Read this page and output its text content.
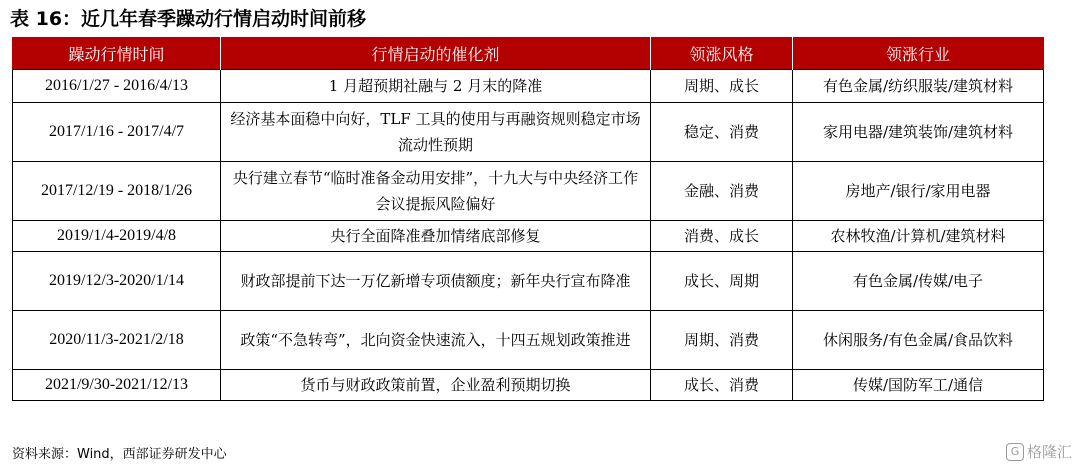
表 16：近几年春季躁动行情启动时间前移
躁动行情时间	行情启动的催化剂	领涨风格	领涨行业
2016/1/27 - 2016/4/13	1 月超预期社融与 2 月末的降准	周期、成长	有色金属/纺织服装/建筑材料
2017/1/16 - 2017/4/7	经济基本面稳中向好，TLF 工具的使用与再融资规则稳定市场流动性预期	稳定、消费	家用电器/建筑装饰/建筑材料
2017/12/19 - 2018/1/26	央行建立春节“临时准备金动用安排”，十九大与中央经济工作会议提振风险偏好	金融、消费	房地产/银行/家用电器
2019/1/4-2019/4/8	央行全面降准叠加情绪底部修复	消费、成长	农林牧渔/计算机/建筑材料
2019/12/3-2020/1/14	财政部提前下达一万亿新增专项债额度；新年央行宣布降准	成长、周期	有色金属/传媒/电子
2020/11/3-2021/2/18	政策“不急转弯”，北向资金快速流入，十四五规划政策推进	周期、消费	休闲服务/有色金属/食品饮料
2021/9/30-2021/12/13	货币与财政政策前置，企业盈利预期切换	成长、消费	传媒/国防军工/通信
资料来源：Wind，西部证券研发中心	G 格隆汇
